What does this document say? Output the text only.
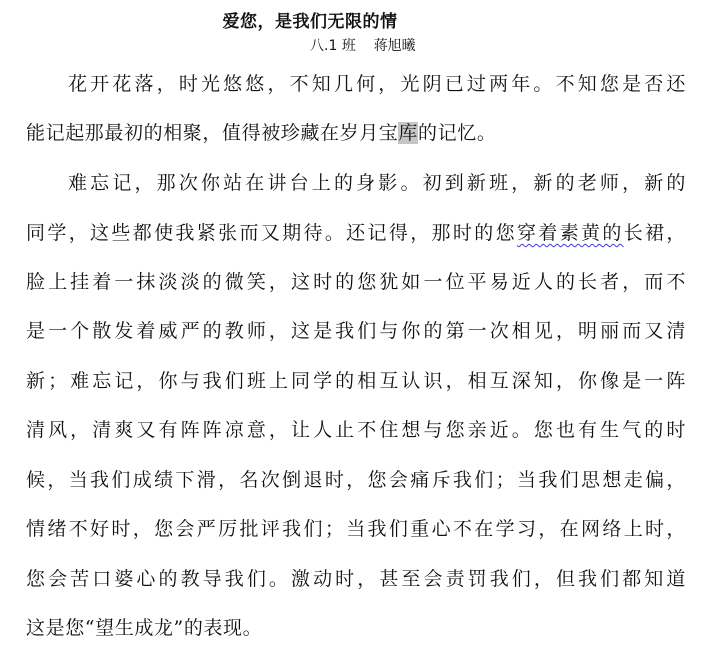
爱您，是我们无限的情
八.1 班    蒋旭曦
花开花落，时光悠悠，不知几何，光阴已过两年。不知您是否还
能记起那最初的相聚，值得被珍藏在岁月宝库的记忆。
难忘记，那次你站在讲台上的身影。初到新班，新的老师，新的
同学，这些都使我紧张而又期待。还记得，那时的您穿着素黄的长裙，
脸上挂着一抹淡淡的微笑，这时的您犹如一位平易近人的长者，而不
是一个散发着威严的教师，这是我们与你的第一次相见，明丽而又清
新；难忘记，你与我们班上同学的相互认识，相互深知，你像是一阵
清风，清爽又有阵阵凉意，让人止不住想与您亲近。您也有生气的时
候，当我们成绩下滑，名次倒退时，您会痛斥我们；当我们思想走偏，
情绪不好时，您会严厉批评我们；当我们重心不在学习，在网络上时，
您会苦口婆心的教导我们。激动时，甚至会责罚我们，但我们都知道
这是您“望生成龙”的表现。
